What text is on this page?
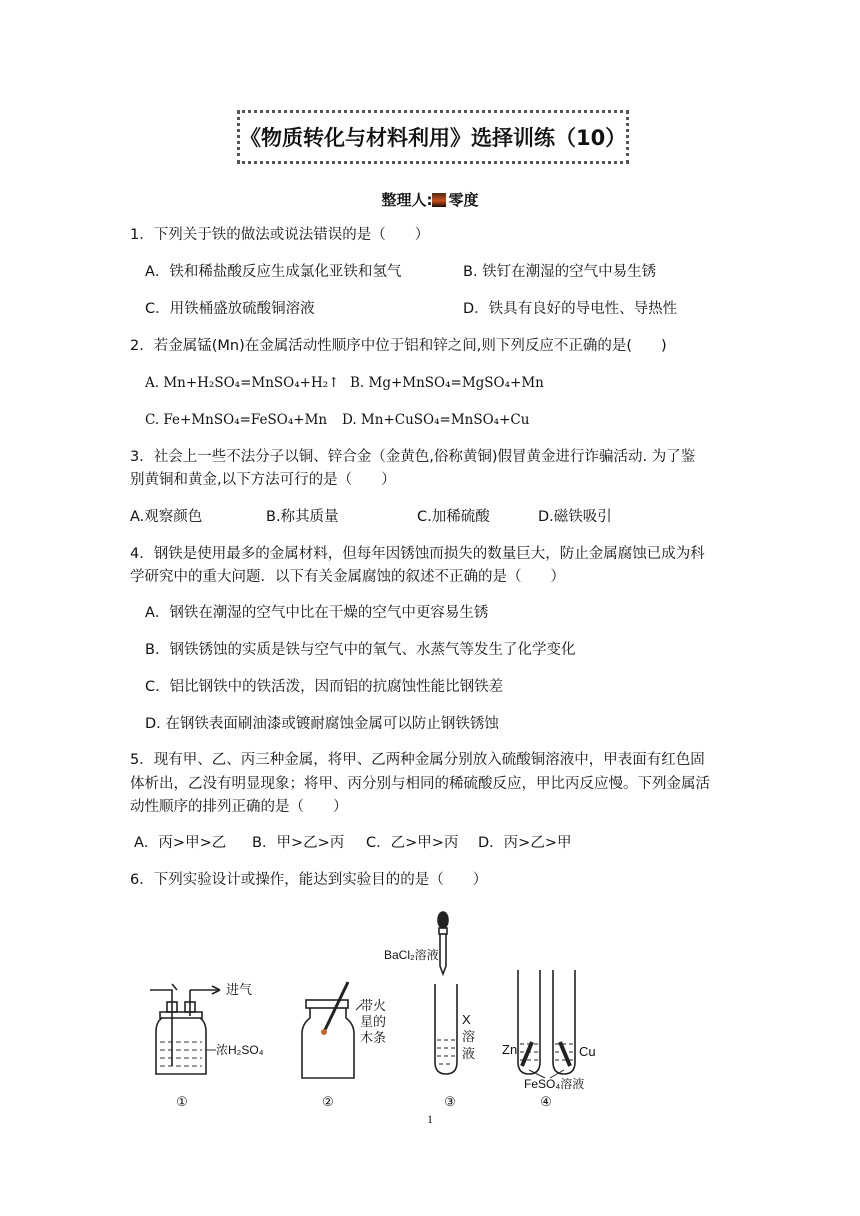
《物质转化与材料利用》选择训练（10）
整理人: 零度
1．下列关于铁的做法或说法错误的是（　　）
A．铁和稀盐酸反应生成氯化亚铁和氢气	B. 铁钉在潮湿的空气中易生锈
C．用铁桶盛放硫酸铜溶液	D．铁具有良好的导电性、导热性
2．若金属锰(Mn)在金属活动性顺序中位于铝和锌之间,则下列反应不正确的是(　　)
A. Mn+H₂SO₄=MnSO₄+H₂↑ B. Mg+MnSO₄=MgSO₄+Mn
C. Fe+MnSO₄=FeSO₄+Mn D. Mn+CuSO₄=MnSO₄+Cu
3．社会上一些不法分子以铜、锌合金（金黄色,俗称黄铜)假冒黄金进行诈骗活动. 为了鉴
别黄铜和黄金,以下方法可行的是（　　）
A.观察颜色	B.称其质量	C.加稀硫酸	D.磁铁吸引
4．钢铁是使用最多的金属材料，但每年因锈蚀而损失的数量巨大，防止金属腐蚀已成为科
学研究中的重大问题．以下有关金属腐蚀的叙述不正确的是（　　）
A．钢铁在潮湿的空气中比在干燥的空气中更容易生锈
B．钢铁锈蚀的实质是铁与空气中的氧气、水蒸气等发生了化学变化
C．铝比钢铁中的铁活泼，因而铝的抗腐蚀性能比钢铁差
D. 在钢铁表面刷油漆或镀耐腐蚀金属可以防止钢铁锈蚀
5．现有甲、乙、丙三种金属，将甲、乙两种金属分别放入硫酸铜溶液中，甲表面有红色固
体析出，乙没有明显现象；将甲、丙分别与相同的稀硫酸反应，甲比丙反应慢。下列金属活
动性顺序的排列正确的是（　　）
A．丙>甲>乙 B．甲>乙>丙 C．乙>甲>丙 D．丙>乙>甲
6．下列实验设计或操作，能达到实验目的的是（　　）
进气
浓H₂SO₄
带火
星的
木条
BaCl₂溶液
X
溶
液 Zn	Cu
FeSO₄溶液
①	②	③	④
1
